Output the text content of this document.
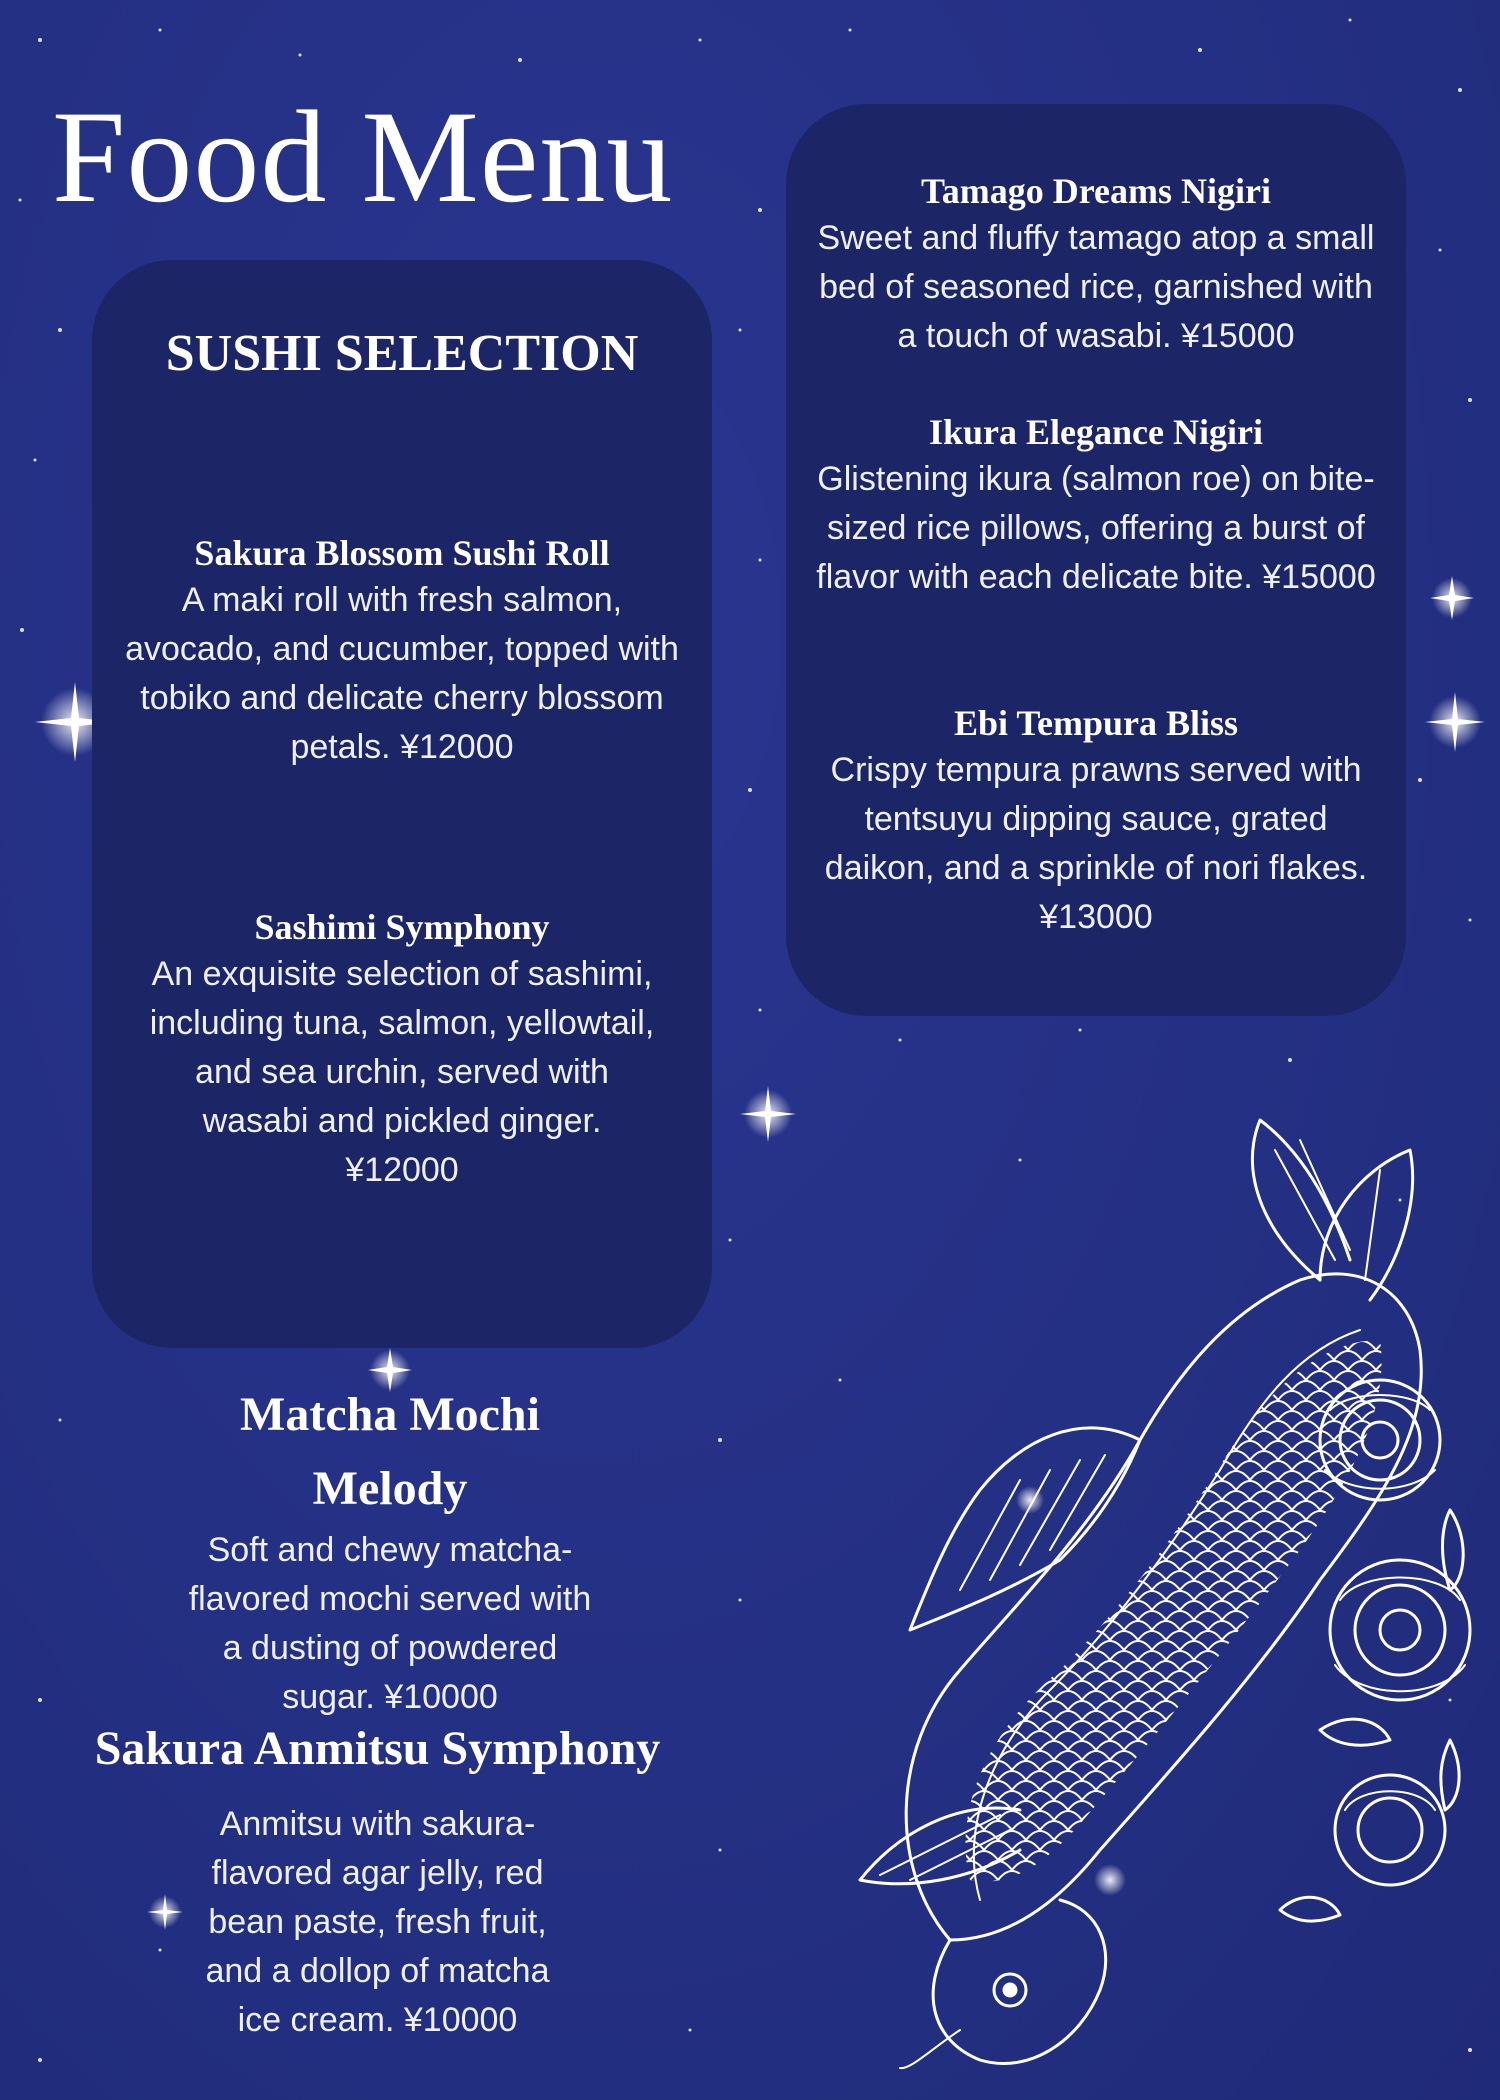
Food Menu
SUSHI SELECTION
Sakura Blossom Sushi Roll
A maki roll with fresh salmon, avocado, and cucumber, topped with tobiko and delicate cherry blossom petals. ¥12000
Sashimi Symphony
An exquisite selection of sashimi, including tuna, salmon, yellowtail, and sea urchin, served with wasabi and pickled ginger. ¥12000
Tamago Dreams Nigiri
Sweet and fluffy tamago atop a small bed of seasoned rice, garnished with a touch of wasabi. ¥15000
Ikura Elegance Nigiri
Glistening ikura (salmon roe) on bite-sized rice pillows, offering a burst of flavor with each delicate bite. ¥15000
Ebi Tempura Bliss
Crispy tempura prawns served with tentsuyu dipping sauce, grated daikon, and a sprinkle of nori flakes. ¥13000
Matcha Mochi Melody
Soft and chewy matcha-flavored mochi served with a dusting of powdered sugar. ¥10000
Sakura Anmitsu Symphony
Anmitsu with sakura-flavored agar jelly, red bean paste, fresh fruit, and a dollop of matcha ice cream. ¥10000
